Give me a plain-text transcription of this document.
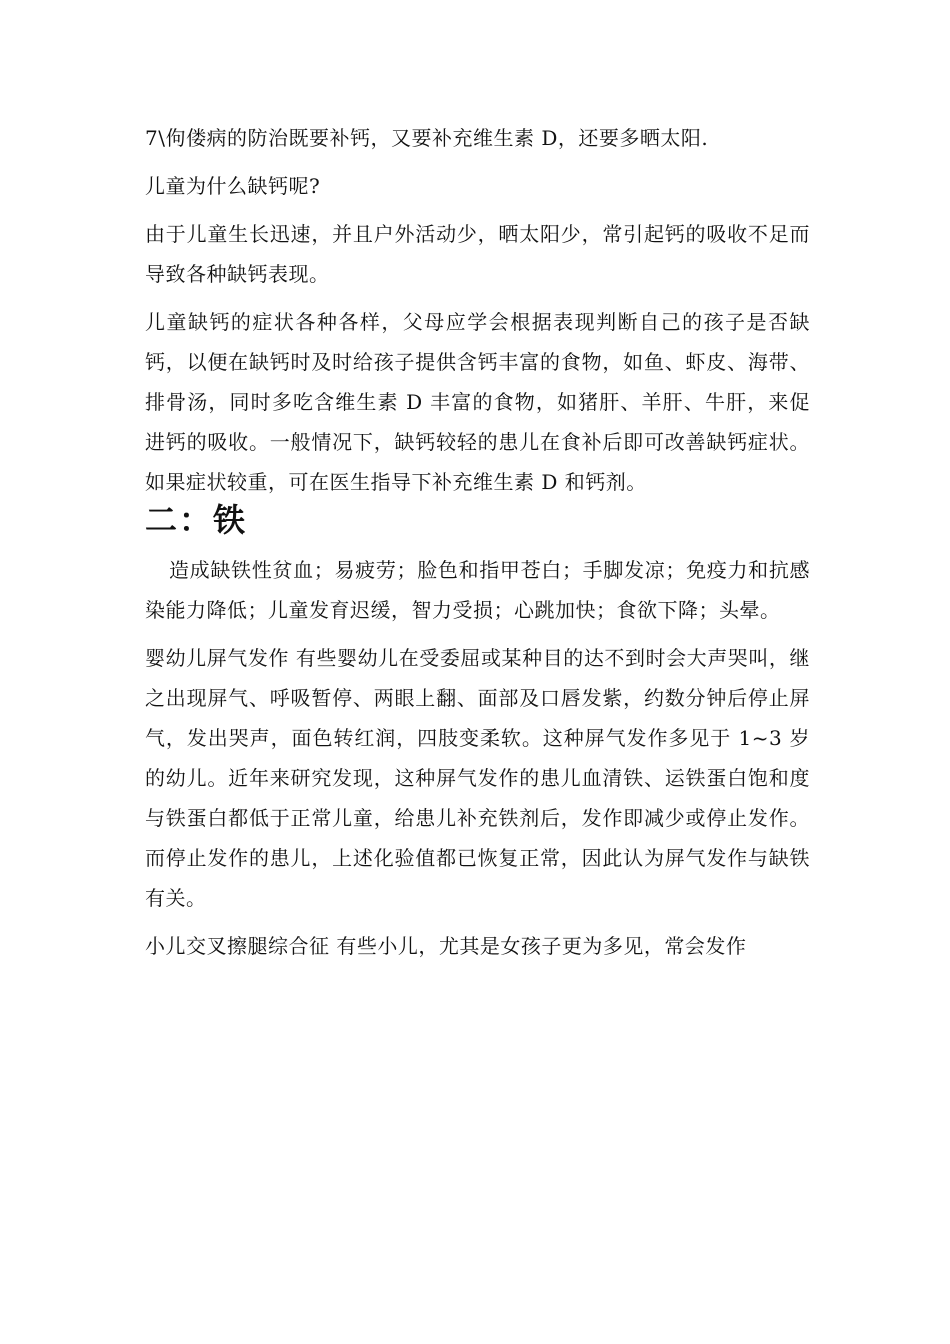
7\佝偻病的防治既要补钙，又要补充维生素 D，还要多晒太阳.

儿童为什么缺钙呢?

由于儿童生长迅速，并且户外活动少，晒太阳少，常引起钙的吸收不足而导致各种缺钙表现。

儿童缺钙的症状各种各样，父母应学会根据表现判断自己的孩子是否缺钙，以便在缺钙时及时给孩子提供含钙丰富的食物，如鱼、虾皮、海带、排骨汤，同时多吃含维生素 D 丰富的食物，如猪肝、羊肝、牛肝，来促进钙的吸收。一般情况下，缺钙较轻的患儿在食补后即可改善缺钙症状。如果症状较重，可在医生指导下补充维生素 D 和钙剂。

二：铁

造成缺铁性贫血；易疲劳；脸色和指甲苍白；手脚发凉；免疫力和抗感染能力降低；儿童发育迟缓，智力受损；心跳加快；食欲下降；头晕。

婴幼儿屏气发作 有些婴幼儿在受委屈或某种目的达不到时会大声哭叫，继之出现屏气、呼吸暂停、两眼上翻、面部及口唇发紫，约数分钟后停止屏气，发出哭声，面色转红润，四肢变柔软。这种屏气发作多见于 1~3 岁的幼儿。近年来研究发现，这种屏气发作的患儿血清铁、运铁蛋白饱和度与铁蛋白都低于正常儿童，给患儿补充铁剂后，发作即减少或停止发作。而停止发作的患儿，上述化验值都已恢复正常，因此认为屏气发作与缺铁有关。

小儿交叉擦腿综合征 有些小儿，尤其是女孩子更为多见，常会发作
